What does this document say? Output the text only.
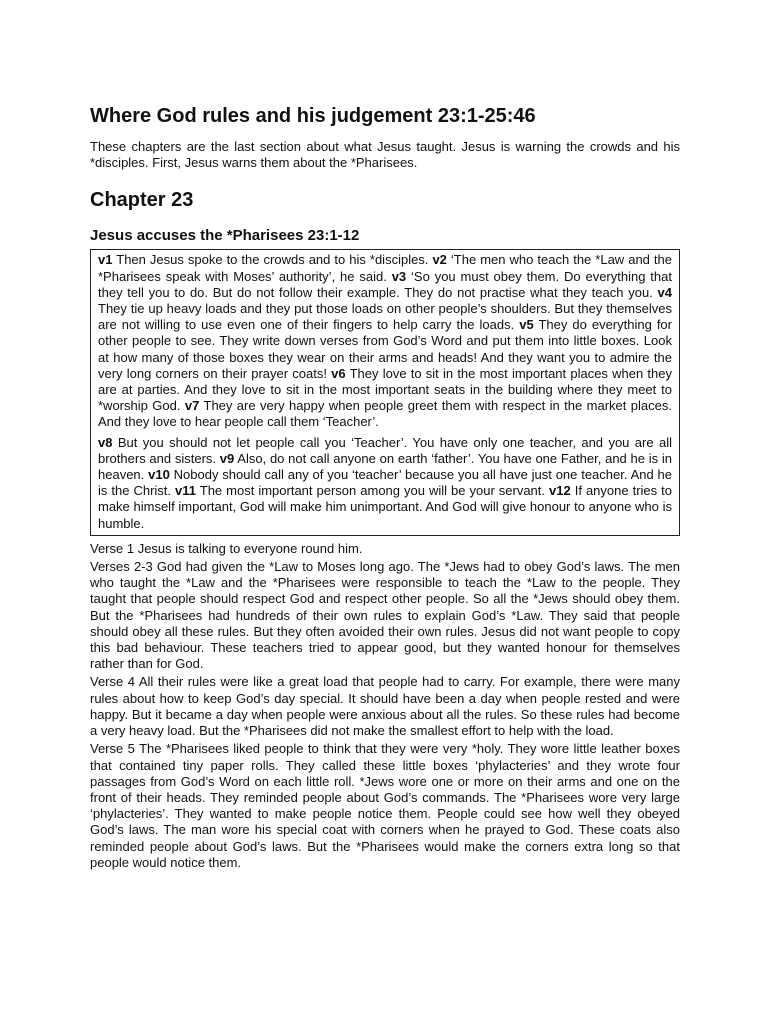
Where God rules and his judgement 23:1-25:46

These chapters are the last section about what Jesus taught. Jesus is warning the crowds and his *disciples. First, Jesus warns them about the *Pharisees.

Chapter 23
Jesus accuses the *Pharisees 23:1-12

v1 Then Jesus spoke to the crowds and to his *disciples. v2 ‘The men who teach the *Law and the *Pharisees speak with Moses’ authority’, he said. v3 ‘So you must obey them. Do everything that they tell you to do. But do not follow their example. They do not practise what they teach you. v4 They tie up heavy loads and they put those loads on other people’s shoulders. But they themselves are not willing to use even one of their fingers to help carry the loads. v5 They do everything for other people to see. They write down verses from God’s Word and put them into little boxes. Look at how many of those boxes they wear on their arms and heads! And they want you to admire the very long corners on their prayer coats! v6 They love to sit in the most important places when they are at parties. And they love to sit in the most important seats in the building where they meet to *worship God. v7 They are very happy when people greet them with respect in the market places. And they love to hear people call them ‘Teacher’.

v8 But you should not let people call you ‘Teacher’. You have only one teacher, and you are all brothers and sisters. v9 Also, do not call anyone on earth ‘father’. You have one Father, and he is in heaven. v10 Nobody should call any of you ‘teacher’ because you all have just one teacher. And he is the Christ. v11 The most important person among you will be your servant. v12 If anyone tries to make himself important, God will make him unimportant. And God will give honour to anyone who is humble.

Verse 1 Jesus is talking to everyone round him.

Verses 2-3 God had given the *Law to Moses long ago. The *Jews had to obey God’s laws. The men who taught the *Law and the *Pharisees were responsible to teach the *Law to the people. They taught that people should respect God and respect other people. So all the *Jews should obey them. But the *Pharisees had hundreds of their own rules to explain God’s *Law. They said that people should obey all these rules. But they often avoided their own rules. Jesus did not want people to copy this bad behaviour. These teachers tried to appear good, but they wanted honour for themselves rather than for God.

Verse 4 All their rules were like a great load that people had to carry. For example, there were many rules about how to keep God’s day special. It should have been a day when people rested and were happy. But it became a day when people were anxious about all the rules. So these rules had become a very heavy load. But the *Pharisees did not make the smallest effort to help with the load.

Verse 5 The *Pharisees liked people to think that they were very *holy. They wore little leather boxes that contained tiny paper rolls. They called these little boxes ‘phylacteries’ and they wrote four passages from God’s Word on each little roll. *Jews wore one or more on their arms and one on the front of their heads. They reminded people about God’s commands. The *Pharisees wore very large ‘phylacteries’. They wanted to make people notice them. People could see how well they obeyed God’s laws. The man wore his special coat with corners when he prayed to God. These coats also reminded people about God’s laws. But the *Pharisees would make the corners extra long so that people would notice them.
